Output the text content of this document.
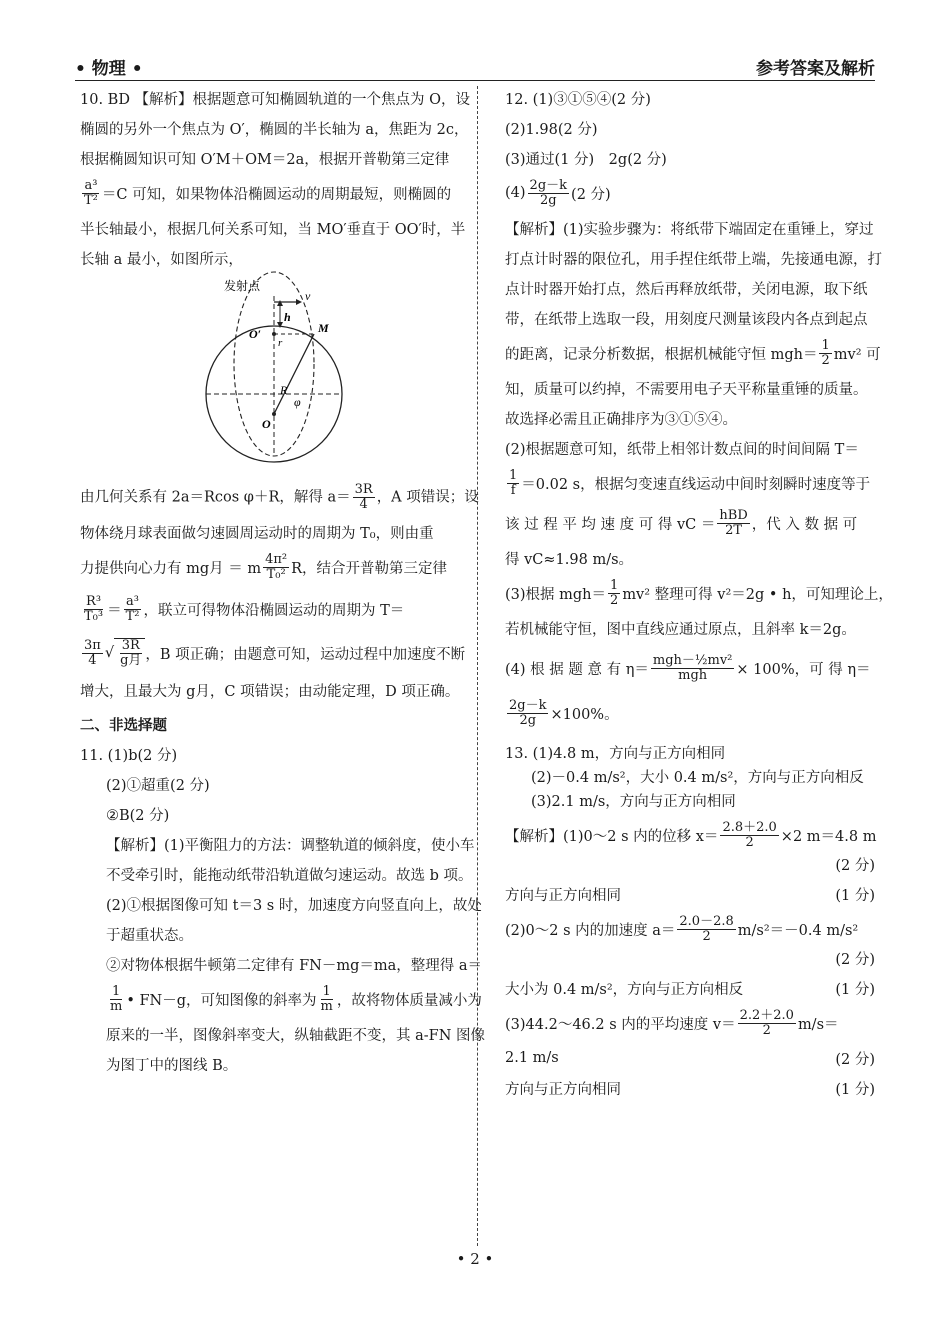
• 物理 •	参考答案及解析
10. BD 【解析】根据题意可知椭圆轨道的一个焦点为 O，设
椭圆的另外一个焦点为 O′，椭圆的半长轴为 a，焦距为 2c，
根据椭圆知识可知 O′M＋OM＝2a，根据开普勒第三定律
$\frac{\text{a³}}{\text{T²}} =C$ 可知，如果物体沿椭圆运动的周期最短，则椭圆的
半长轴最小，根据几何关系可知，当 MO′垂直于 OO′时，半
长轴 a 最小，如图所示，
发射点
v
h
O′
r
M
R
φ
O
由几何关系有 2a＝Rcos φ＋R，解得 $a= \frac{3R}{4}$ ，A 项错误；设
物体绕月球表面做匀速圆周运动时的周期为 T₀，则由重
力提供向心力有 mg月 ＝ m $\frac{\text{4π²}}{\text{T₀²}}$ R，结合开普勒第三定律
$\frac{\text{R³}}{\text{T₀³}} = \frac{\text{a³}}{\text{T²}}$ ，联立可得物体沿椭圆运动的周期为 T＝
$\frac{3\pi}{4}$ √ $\frac{3R}{\text{g月}}$ ，B 项正确；由题意可知，运动过程中加速度不断
增大，且最大为 g月，C 项错误；由动能定理，D 项正确。
二、非选择题
11. (1)b(2 分)
(2)①超重(2 分)
②B(2 分)
【解析】(1)平衡阻力的方法：调整轨道的倾斜度，使小车
不受牵引时，能拖动纸带沿轨道做匀速运动。故选 b 项。
(2)①根据图像可知 t＝3 s 时，加速度方向竖直向上，故处
于超重状态。
②对物体根据牛顿第二定律有 FN－mg＝ma，整理得 a＝
$\frac{1}{m}$ • FN－g，可知图像的斜率为 $\frac{1}{m}$ ，故将物体质量减小为
原来的一半，图像斜率变大，纵轴截距不变，其 a-FN 图像
为图丁中的图线 B。
12. (1)③①⑤④(2 分)
(2)1.98(2 分)
(3)通过(1 分)　2g(2 分)
$(4) \frac{2g-k}{2g} (2$ 分)
【解析】(1)实验步骤为：将纸带下端固定在重锤上，穿过
打点计时器的限位孔，用手捏住纸带上端，先接通电源，打
点计时器开始打点，然后再释放纸带，关闭电源，取下纸
带，在纸带上选取一段，用刻度尺测量该段内各点到起点
的距离，记录分析数据，根据机械能守恒 $mgh= \frac{1}{2} mv^2$ 可
知，质量可以约掉，不需要用电子天平称量重锤的质量。
故选择必需且正确排序为③①⑤④。
(2)根据题意可知，纸带上相邻计数点间的时间间隔 T＝
$\frac{1}{f} =0.02$ s，根据匀变速直线运动中间时刻瞬时速度等于
该 过 程 平 均 速 度 可 得 vC ＝ $\frac{\text{hBD}}{2T}$ ，代 入 数 据 可
得 vC≈1.98 m/s。
(3)根据 $mgh= \frac{1}{2} mv^2$ 整理可得 v²＝2g • h，可知理论上，
若机械能守恒，图中直线应通过原点，且斜率 k＝2g。
(4) 根 据 题 意 有 $\eta= \frac{\text{mgh－½mv²}}{\text{mgh}} \times 100\%$，可 得 η＝
$\frac{2g-k}{2g} \times 100\%$。
13. (1)4.8 m，方向与正方向相同
(2)－0.4 m/s²，大小 0.4 m/s²，方向与正方向相反
(3)2.1 m/s，方向与正方向相同
【解析】(1)0～2 s 内的位移 $x= \frac{2.8+2.0}{2} \times 2$ m＝4.8 m
(2 分)
方向与正方向相同	(1 分)
(2)0～2 s 内的加速度 $a= \frac{2.0-2.8}{2} m/s^2=-0.4$ m/s²
(2 分)
大小为 0.4 m/s²，方向与正方向相反	(1 分)
(3)44.2～46.2 s 内的平均速度 $v= \frac{2.2+2.0}{2} m/s=$
2.1 m/s	(2 分)
方向与正方向相同	(1 分)
• 2 •
